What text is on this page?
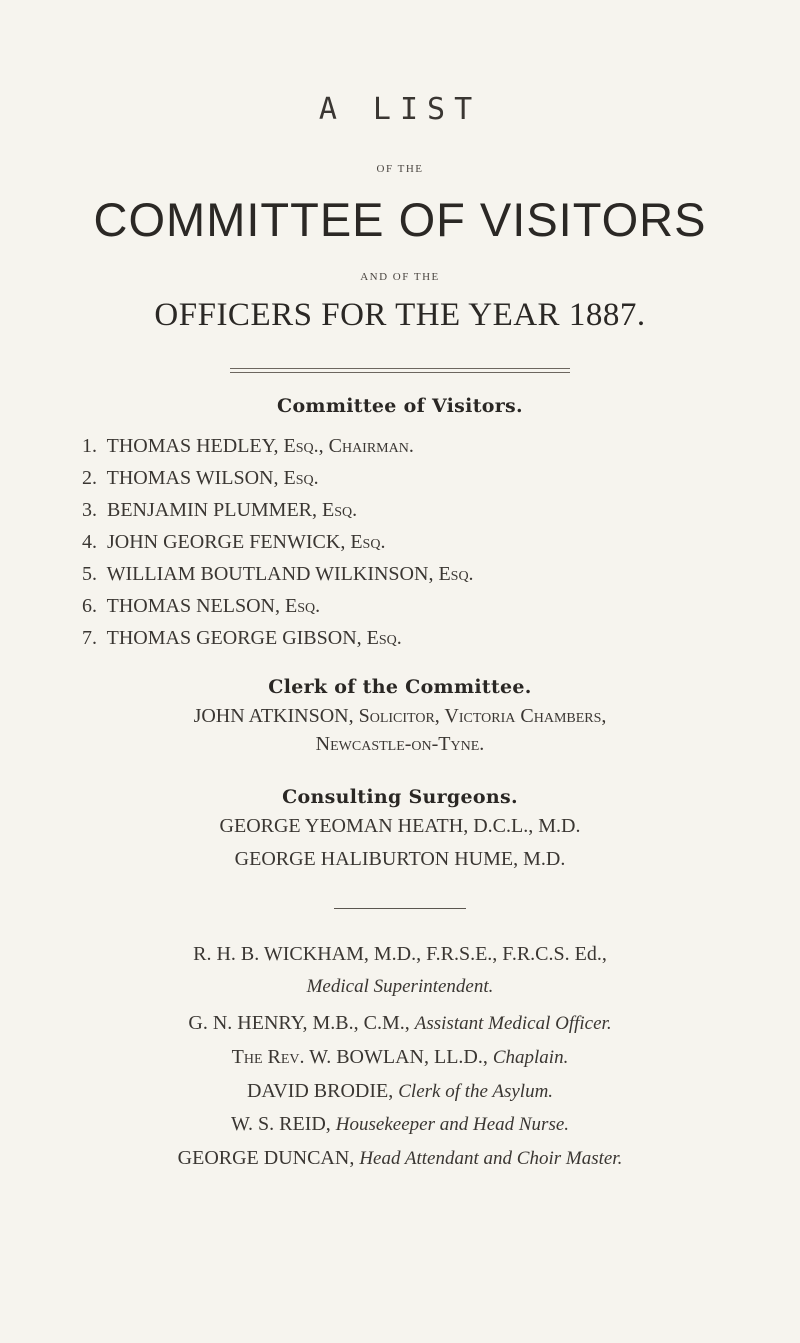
A LIST
OF THE
COMMITTEE OF VISITORS
AND OF THE
OFFICERS FOR THE YEAR 1887.
Committee of Visitors.
1. THOMAS HEDLEY, Esq., Chairman.
2. THOMAS WILSON, Esq.
3. BENJAMIN PLUMMER, Esq.
4. JOHN GEORGE FENWICK, Esq.
5. WILLIAM BOUTLAND WILKINSON, Esq.
6. THOMAS NELSON, Esq.
7. THOMAS GEORGE GIBSON, Esq.
Clerk of the Committee.
JOHN ATKINSON, Solicitor, Victoria Chambers,
Newcastle-on-Tyne.
Consulting Surgeons.
GEORGE YEOMAN HEATH, D.C.L., M.D.
GEORGE HALIBURTON HUME, M.D.
R. H. B. WICKHAM, M.D., F.R.S.E., F.R.C.S. Ed.,
Medical Superintendent.
G. N. HENRY, M.B., C.M., Assistant Medical Officer.
The Rev. W. BOWLAN, LL.D., Chaplain.
DAVID BRODIE, Clerk of the Asylum.
W. S. REID, Housekeeper and Head Nurse.
GEORGE DUNCAN, Head Attendant and Choir Master.
